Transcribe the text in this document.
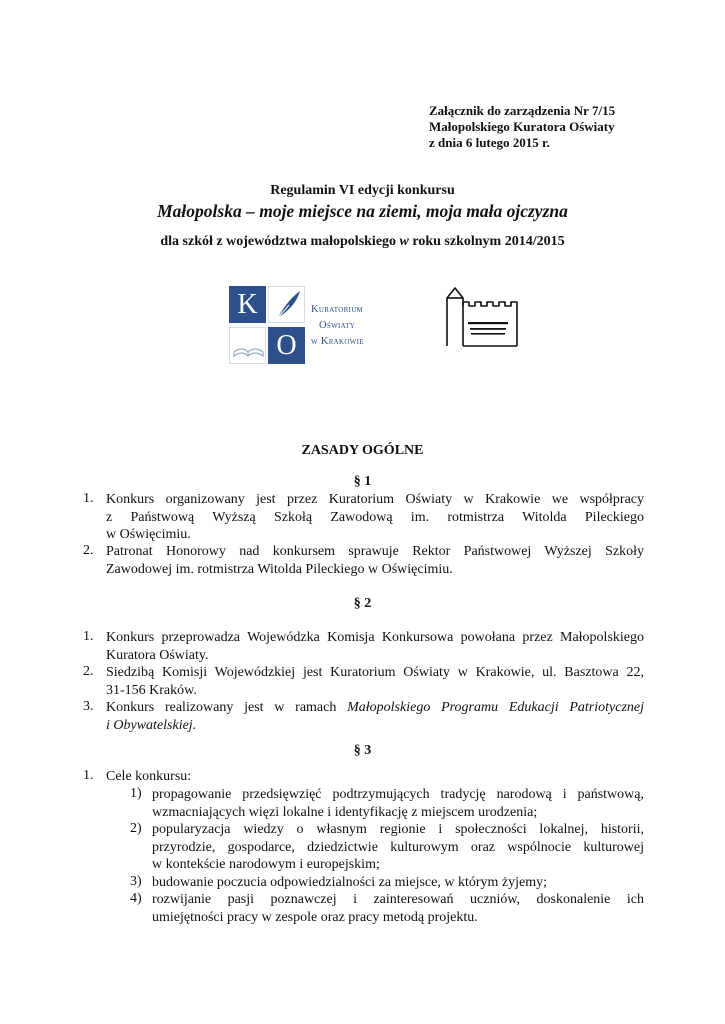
Załącznik do zarządzenia Nr 7/15
Małopolskiego Kuratora Oświaty
z dnia 6 lutego 2015 r.
Regulamin VI edycji konkursu
Małopolska – moje miejsce na ziemi, moja mała ojczyzna
dla szkół z województwa małopolskiego w roku szkolnym 2014/2015
K
O
Kuratorium
Oświaty
w Krakowie
ZASADY OGÓLNE
§ 1
1. Konkurs organizowany jest przez Kuratorium Oświaty w Krakowie we współpracy
z Państwową Wyższą Szkołą Zawodową im. rotmistrza Witolda Pileckiego
w Oświęcimiu.
2. Patronat Honorowy nad konkursem sprawuje Rektor Państwowej Wyższej Szkoły
Zawodowej im. rotmistrza Witolda Pileckiego w Oświęcimiu.
§ 2
1. Konkurs przeprowadza Wojewódzka Komisja Konkursowa powołana przez Małopolskiego
Kuratora Oświaty.
2. Siedzibą Komisji Wojewódzkiej jest Kuratorium Oświaty w Krakowie, ul. Basztowa 22,
31-156 Kraków.
3. Konkurs realizowany jest w ramach Małopolskiego Programu Edukacji Patriotycznej
i Obywatelskiej.
§ 3
1. Cele konkursu:
1) propagowanie przedsięwzięć podtrzymujących tradycję narodową i państwową,
wzmacniających więzi lokalne i identyfikację z miejscem urodzenia;
2) popularyzacja wiedzy o własnym regionie i społeczności lokalnej, historii,
przyrodzie, gospodarce, dziedzictwie kulturowym oraz wspólnocie kulturowej
w kontekście narodowym i europejskim;
3) budowanie poczucia odpowiedzialności za miejsce, w którym żyjemy;
4) rozwijanie pasji poznawczej i zainteresowań uczniów, doskonalenie ich
umiejętności pracy w zespole oraz pracy metodą projektu.
